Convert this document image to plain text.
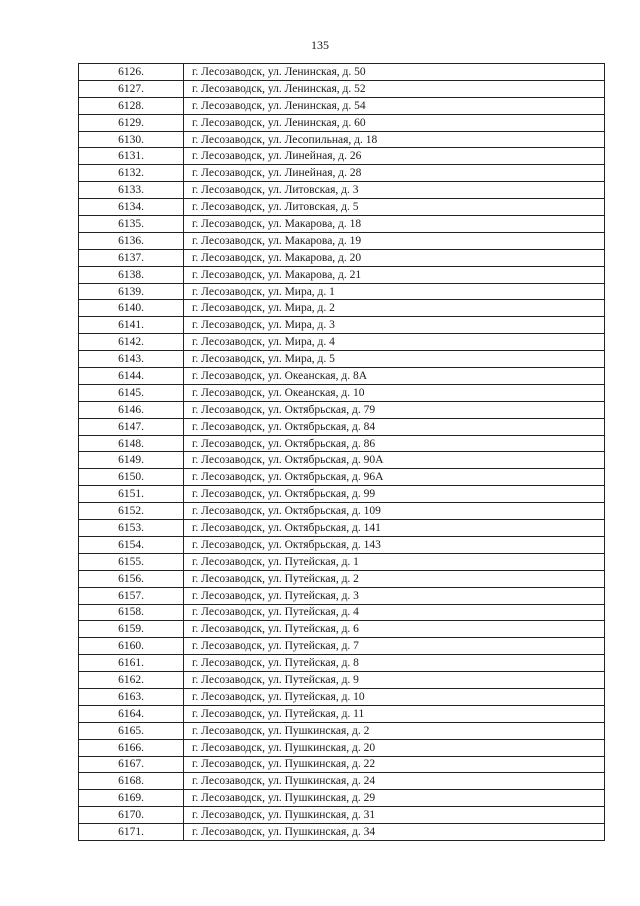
135
6126.	г. Лесозаводск, ул. Ленинская, д. 50
6127.	г. Лесозаводск, ул. Ленинская, д. 52
6128.	г. Лесозаводск, ул. Ленинская, д. 54
6129.	г. Лесозаводск, ул. Ленинская, д. 60
6130.	г. Лесозаводск, ул. Лесопильная, д. 18
6131.	г. Лесозаводск, ул. Линейная, д. 26
6132.	г. Лесозаводск, ул. Линейная, д. 28
6133.	г. Лесозаводск, ул. Литовская, д. 3
6134.	г. Лесозаводск, ул. Литовская, д. 5
6135.	г. Лесозаводск, ул. Макарова, д. 18
6136.	г. Лесозаводск, ул. Макарова, д. 19
6137.	г. Лесозаводск, ул. Макарова, д. 20
6138.	г. Лесозаводск, ул. Макарова, д. 21
6139.	г. Лесозаводск, ул. Мира, д. 1
6140.	г. Лесозаводск, ул. Мира, д. 2
6141.	г. Лесозаводск, ул. Мира, д. 3
6142.	г. Лесозаводск, ул. Мира, д. 4
6143.	г. Лесозаводск, ул. Мира, д. 5
6144.	г. Лесозаводск, ул. Океанская, д. 8А
6145.	г. Лесозаводск, ул. Океанская, д. 10
6146.	г. Лесозаводск, ул. Октябрьская, д. 79
6147.	г. Лесозаводск, ул. Октябрьская, д. 84
6148.	г. Лесозаводск, ул. Октябрьская, д. 86
6149.	г. Лесозаводск, ул. Октябрьская, д. 90А
6150.	г. Лесозаводск, ул. Октябрьская, д. 96А
6151.	г. Лесозаводск, ул. Октябрьская, д. 99
6152.	г. Лесозаводск, ул. Октябрьская, д. 109
6153.	г. Лесозаводск, ул. Октябрьская, д. 141
6154.	г. Лесозаводск, ул. Октябрьская, д. 143
6155.	г. Лесозаводск, ул. Путейская, д. 1
6156.	г. Лесозаводск, ул. Путейская, д. 2
6157.	г. Лесозаводск, ул. Путейская, д. 3
6158.	г. Лесозаводск, ул. Путейская, д. 4
6159.	г. Лесозаводск, ул. Путейская, д. 6
6160.	г. Лесозаводск, ул. Путейская, д. 7
6161.	г. Лесозаводск, ул. Путейская, д. 8
6162.	г. Лесозаводск, ул. Путейская, д. 9
6163.	г. Лесозаводск, ул. Путейская, д. 10
6164.	г. Лесозаводск, ул. Путейская, д. 11
6165.	г. Лесозаводск, ул. Пушкинская, д. 2
6166.	г. Лесозаводск, ул. Пушкинская, д. 20
6167.	г. Лесозаводск, ул. Пушкинская, д. 22
6168.	г. Лесозаводск, ул. Пушкинская, д. 24
6169.	г. Лесозаводск, ул. Пушкинская, д. 29
6170.	г. Лесозаводск, ул. Пушкинская, д. 31
6171.	г. Лесозаводск, ул. Пушкинская, д. 34
